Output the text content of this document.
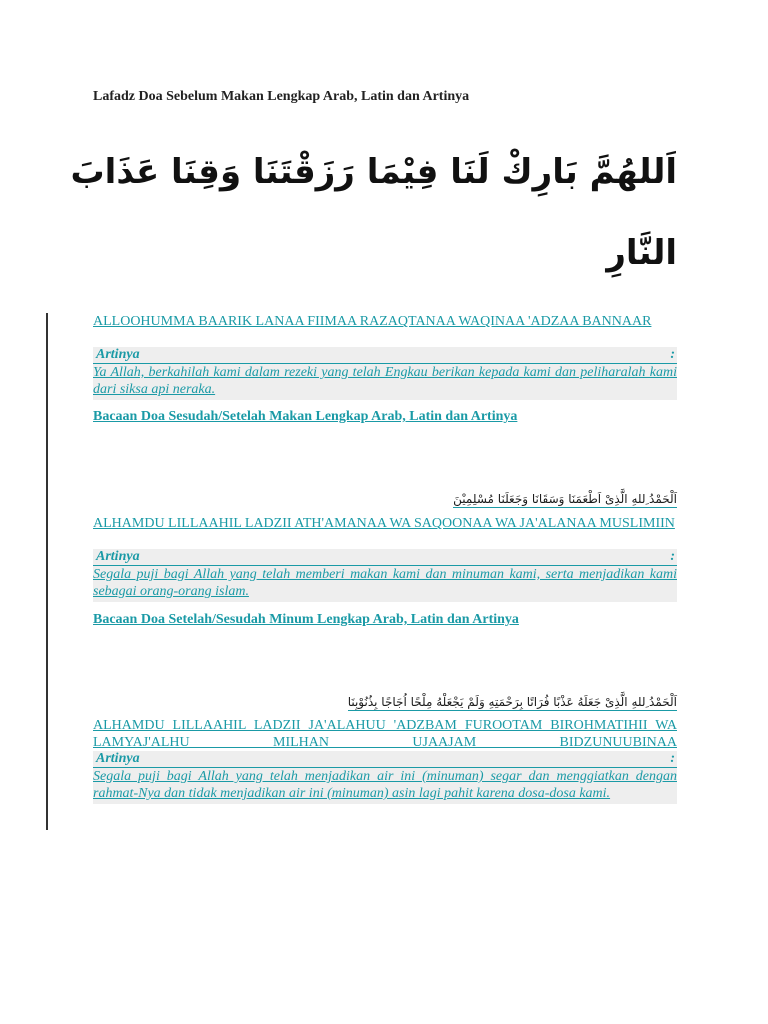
Lafadz Doa Sebelum Makan Lengkap Arab, Latin dan Artinya
اَللهُمَّ بَارِكْ لَنَا فِيْمَا رَزَقْتَنَا وَقِنَا عَذَابَ
النَّارِ
ALLOOHUMMA BAARIK LANAA FIIMAA RAZAQTANAA WAQINAA 'ADZAA BANNAAR
Artinya	:
Ya Allah, berkahilah kami dalam rezeki yang telah Engkau berikan kepada kami dan peliharalah kami dari siksa api neraka.
Bacaan Doa Sesudah/Setelah Makan Lengkap Arab, Latin dan Artinya
اَلْحَمْدُ ِللهِ الَّذِىْ اَطْعَمَنَا وَسَقَانَا وَجَعَلَنَا مُسْلِمِيْنَ
ALHAMDU LILLAAHIL LADZII ATH'AMANAA WA SAQOONAA WA JA'ALANAA MUSLIMIIN
Artinya	:
Segala puji bagi Allah yang telah memberi makan kami dan minuman kami, serta menjadikan kami sebagai orang-orang islam.
Bacaan Doa Setelah/Sesudah Minum Lengkap Arab, Latin dan Artinya
اَلْحَمْدُ ِللهِ الَّذِىْ جَعَلَهُ عَذْبًا فُرَاتًا بِرَحْمَتِهِ وَلَمْ يَجْعَلْهُ مِلْحًا اُجَاجًا بِذُنُوْبِنَا
ALHAMDU LILLAAHIL LADZII JA'ALAHUU 'ADZBAM FUROOTAM BIROHMATIHII WA LAMYAJ'ALHU MILHAN UJAAJAM BIDZUNUUBINAA
Artinya	:
Segala puji bagi Allah yang telah menjadikan air ini (minuman) segar dan menggiatkan dengan rahmat-Nya dan tidak menjadikan air ini (minuman) asin lagi pahit karena dosa-dosa kami.
